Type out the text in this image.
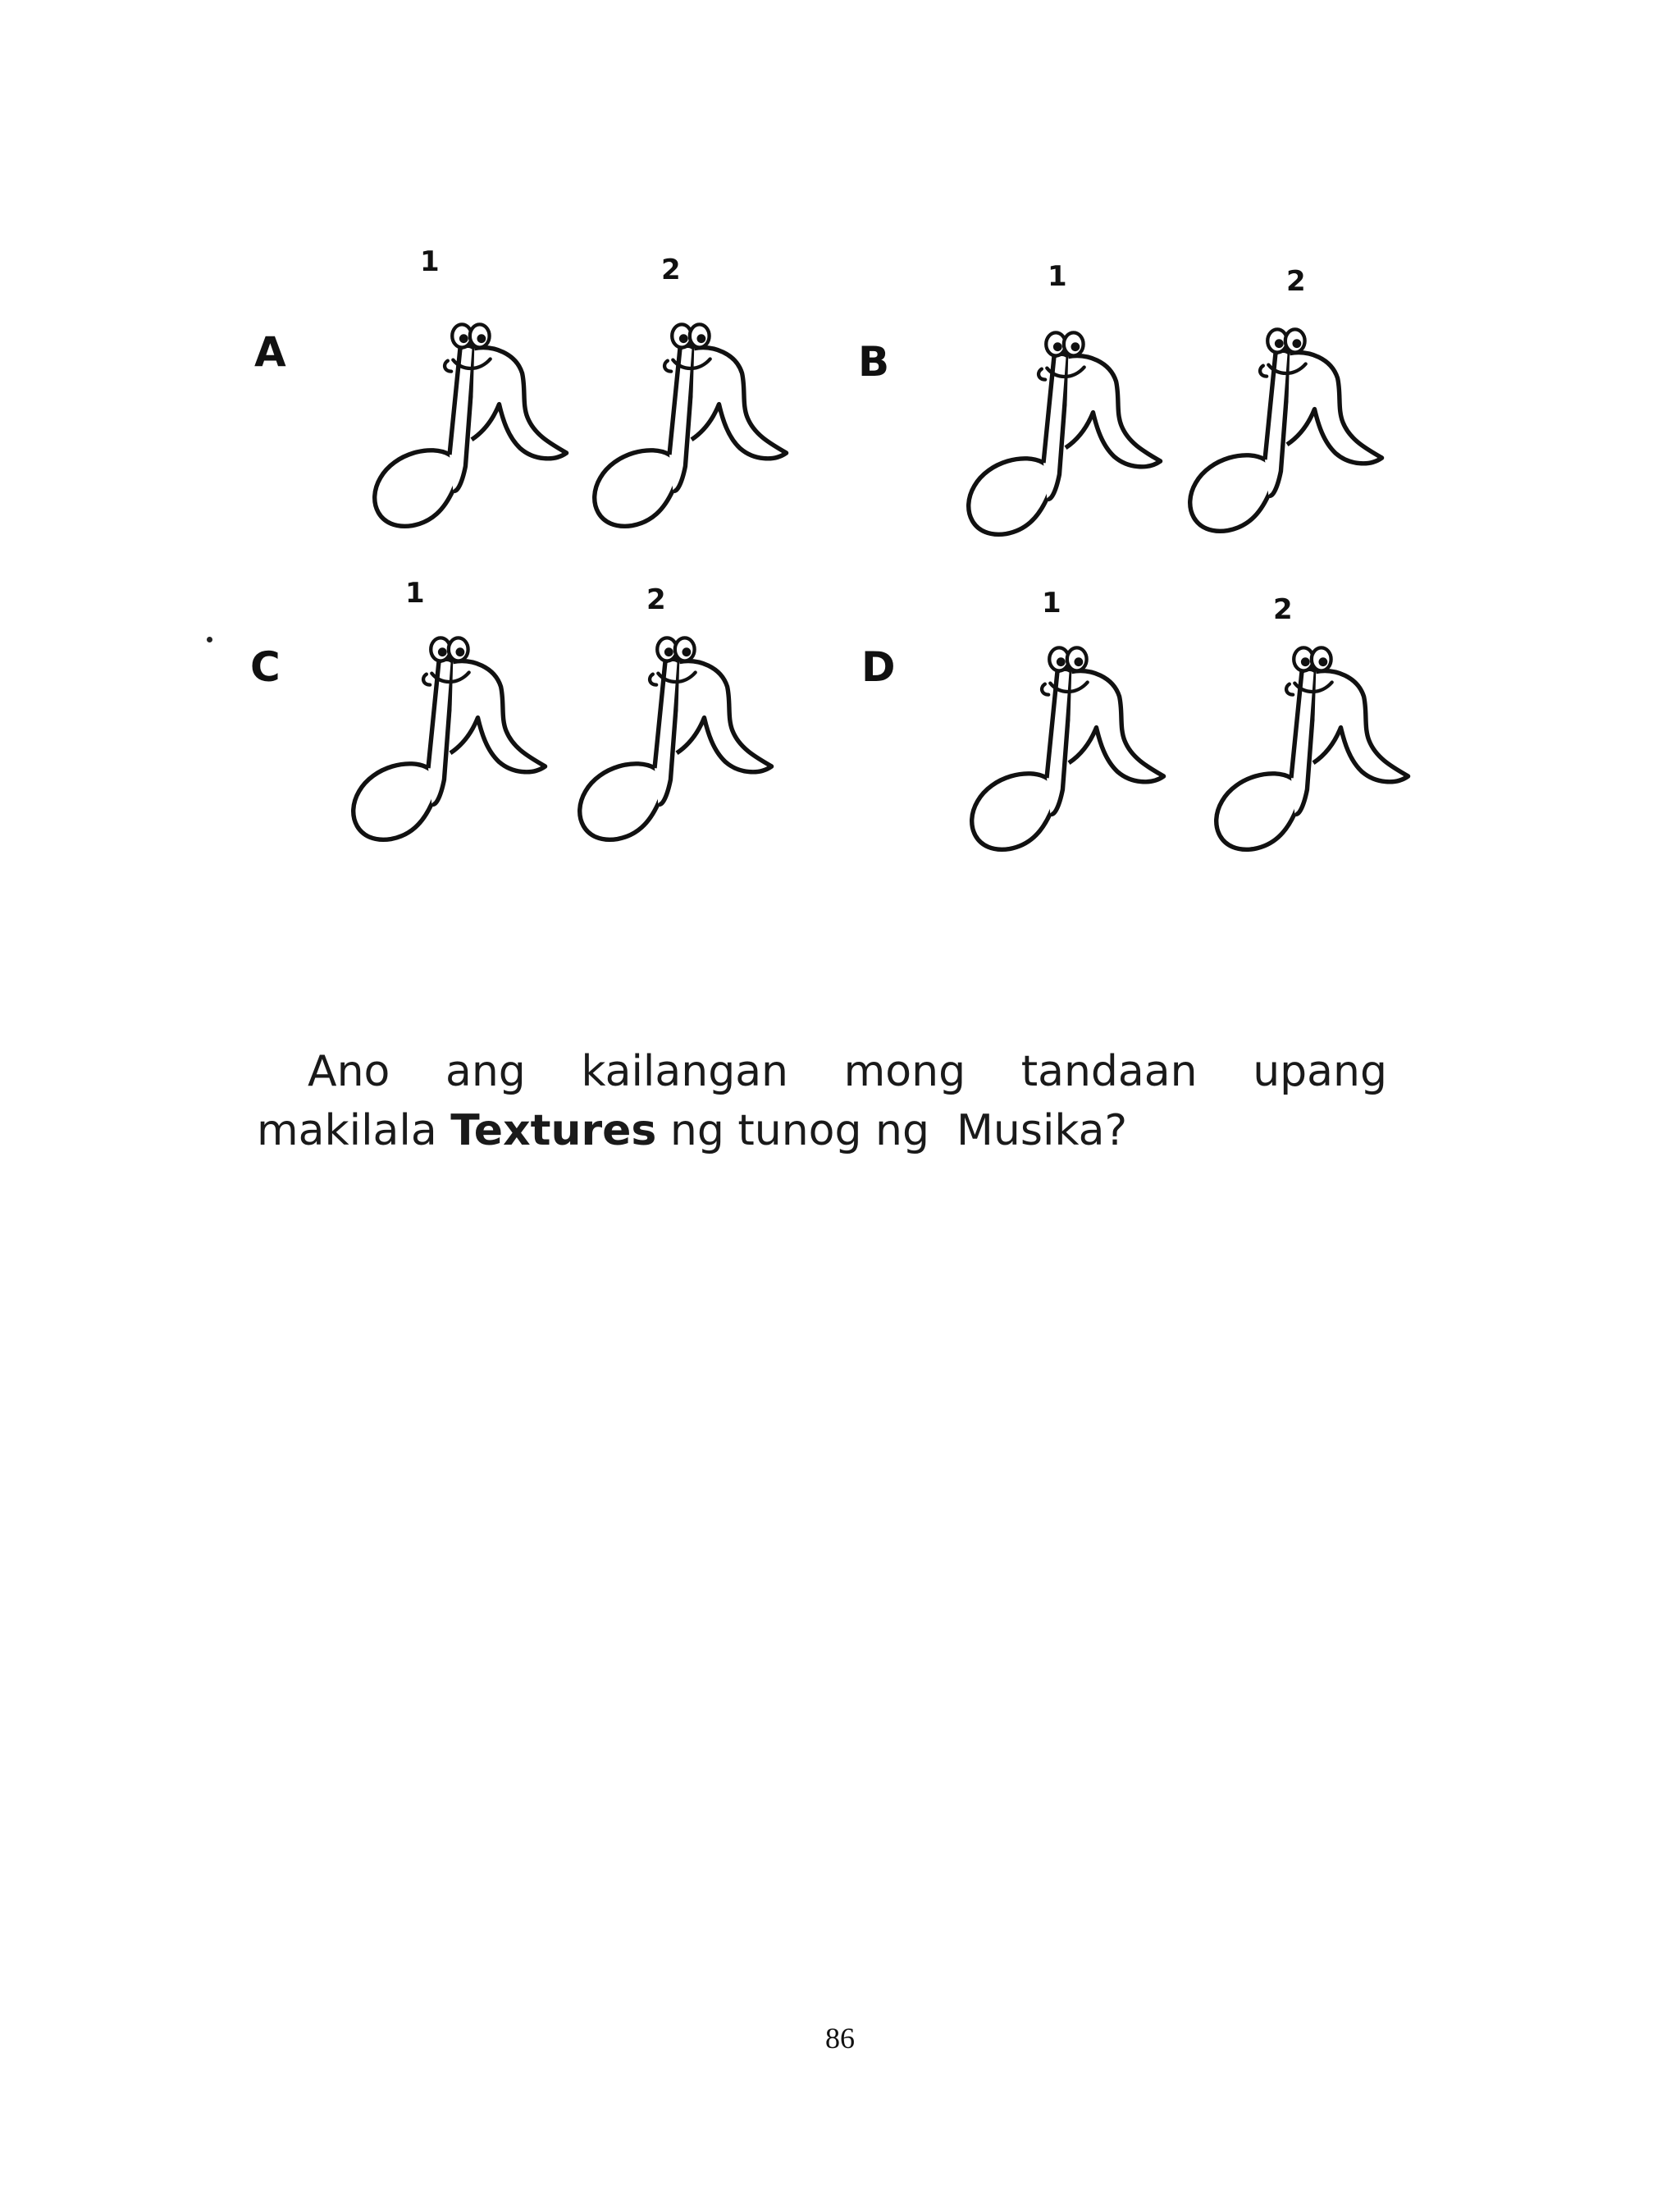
A
1	2
B
1	2
C
1	2
D
1	2
Ano ang kailangan mong tandaan upang
makilala Textures ng tunog ng  Musika?
86
